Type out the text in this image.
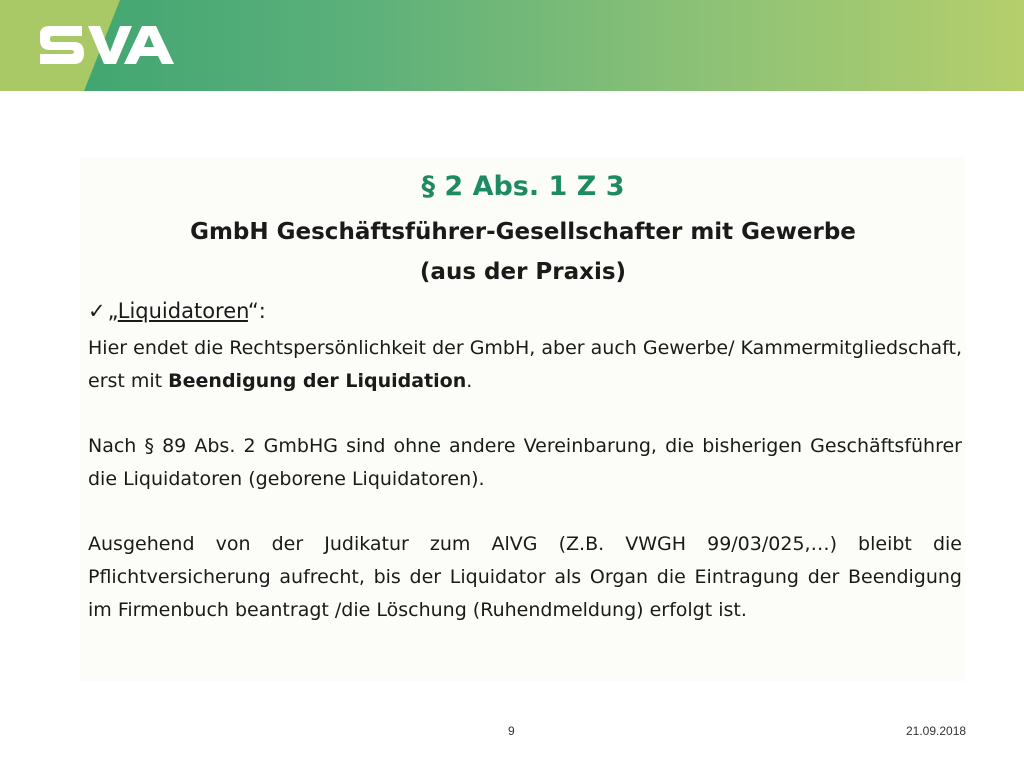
§ 2 Abs. 1 Z 3
GmbH Geschäftsführer-Gesellschafter mit Gewerbe
(aus der Praxis)
✓„Liquidatoren“:
Hier endet die Rechtspersönlichkeit der GmbH, aber auch Gewerbe/ Kammermitgliedschaft, erst mit Beendigung der Liquidation.
Nach § 89 Abs. 2 GmbHG sind ohne andere Vereinbarung, die bisherigen Geschäftsführer die Liquidatoren (geborene Liquidatoren).
Ausgehend von der Judikatur zum AlVG (Z.B. VWGH 99/03/025,…) bleibt die Pflichtversicherung aufrecht, bis der Liquidator als Organ die Eintragung der Beendigung im Firmenbuch beantragt /die Löschung (Ruhendmeldung) erfolgt ist.
9	21.09.2018
